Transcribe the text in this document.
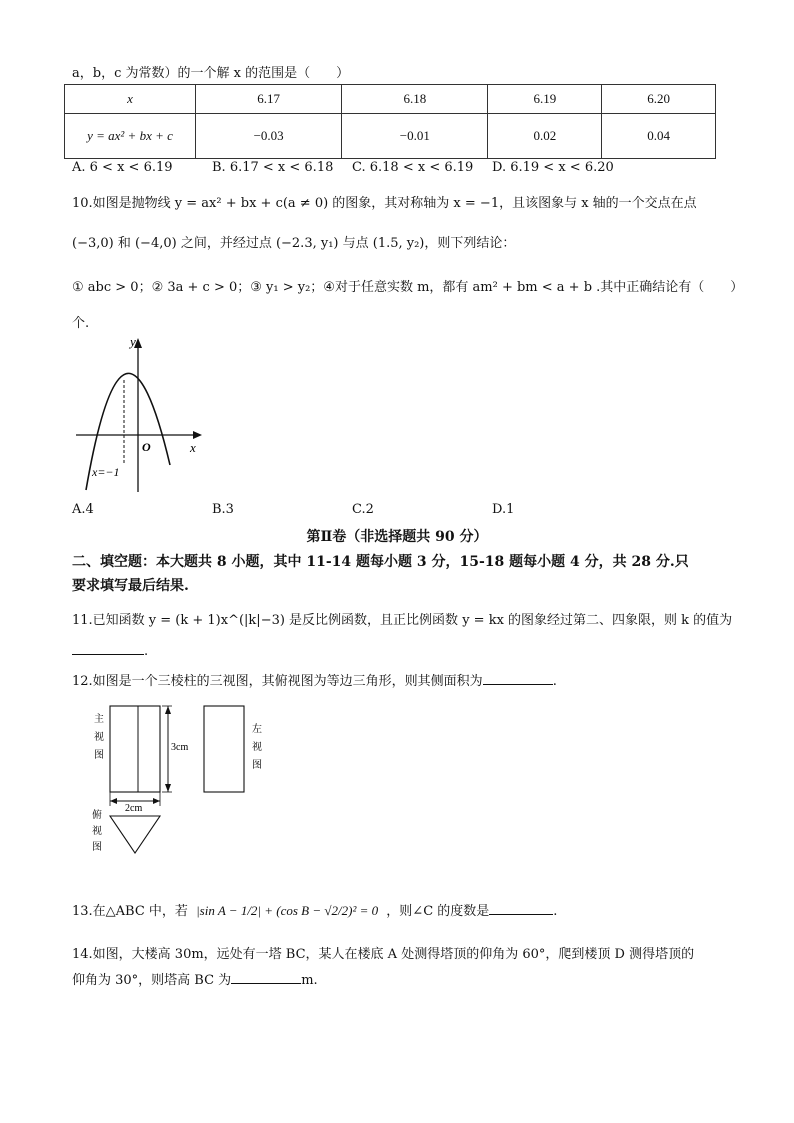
a，b，c 为常数）的一个解 x 的范围是（　　）
x	6.17	6.18	6.19	6.20
y = ax² + bx + c	−0.03	−0.01	0.02	0.04
A. 6 < x < 6.19	B. 6.17 < x < 6.18 C. 6.18 < x < 6.19 D. 6.19 < x < 6.20
10.如图是抛物线 y = ax² + bx + c(a ≠ 0) 的图象，其对称轴为 x = −1，且该图象与 x 轴的一个交点在点
(−3,0) 和 (−4,0) 之间，并经过点 (−2.3, y₁) 与点 (1.5, y₂)，则下列结论：
① abc > 0；② 3a + c > 0；③ y₁ > y₂；④对于任意实数 m，都有 am² + bm < a + b .其中正确结论有（　　）
个.
y
x
O
x=−1
A.4	B.3	C.2	D.1
第Ⅱ卷（非选择题共 90 分）
二、填空题：本大题共 8 小题，其中 11-14 题每小题 3 分，15-18 题每小题 4 分，共 28 分.只
要求填写最后结果.
11.已知函数 y = (k + 1)x^(|k|−3) 是反比例函数，且正比例函数 y = kx 的图象经过第二、四象限，则 k 的值为
.
12.如图是一个三棱柱的三视图，其俯视图为等边三角形，则其侧面积为	.
3cm
2cm
主
视
图
左
视
图
俯
视
图
13.在△ABC 中，若 |sin A − 1/2| + (cos B − √2/2)² = 0 ，则∠C 的度数是	.
14.如图，大楼高 30m，远处有一塔 BC，某人在楼底 A 处测得塔顶的仰角为 60°，爬到楼顶 D 测得塔顶的
仰角为 30°，则塔高 BC 为	m.
